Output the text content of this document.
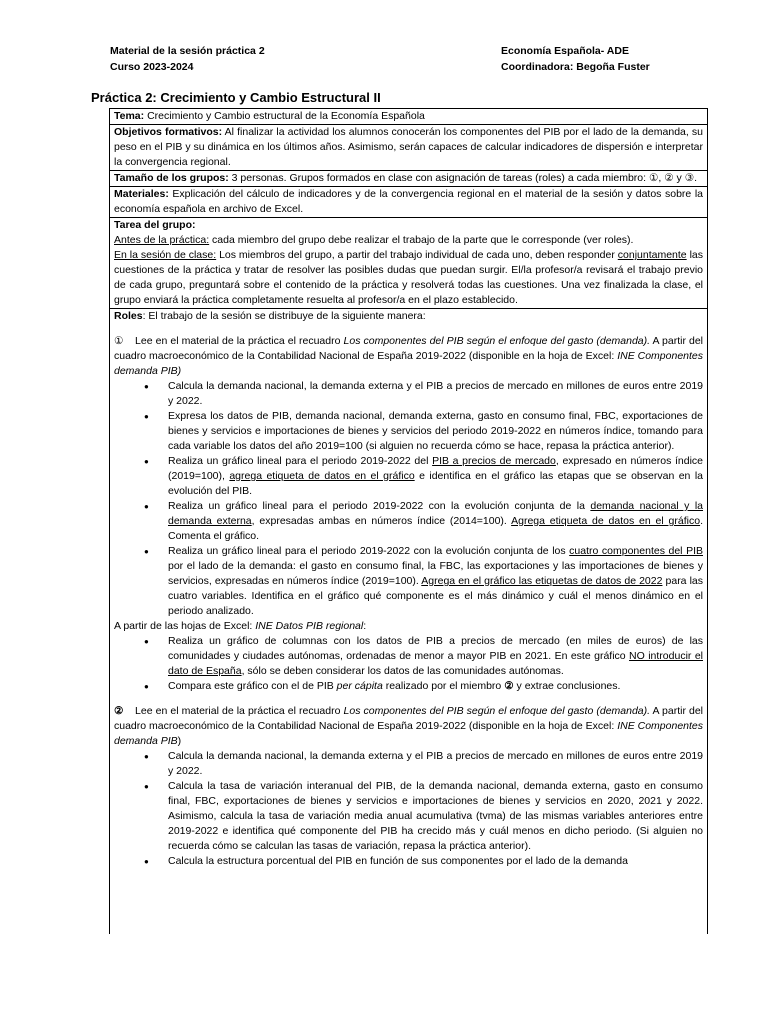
Material de la sesión práctica 2
Curso 2023-2024
Economía Española- ADE
Coordinadora: Begoña Fuster
Práctica 2: Crecimiento y Cambio Estructural II
Tema: Crecimiento y Cambio estructural de la Economía Española
Objetivos formativos: Al finalizar la actividad los alumnos conocerán los componentes del PIB por el lado de la demanda, su peso en el PIB y su dinámica en los últimos años. Asimismo, serán capaces de calcular indicadores de dispersión e interpretar la convergencia regional.
Tamaño de los grupos: 3 personas. Grupos formados en clase con asignación de tareas (roles) a cada miembro: ①, ② y ③.
Materiales: Explicación del cálculo de indicadores y de la convergencia regional en el material de la sesión y datos sobre la economía española en archivo de Excel.

Tarea del grupo:

Antes de la práctica: cada miembro del grupo debe realizar el trabajo de la parte que le corresponde (ver roles).

En la sesión de clase: Los miembros del grupo, a partir del trabajo individual de cada uno, deben responder conjuntamente las cuestiones de la práctica y tratar de resolver las posibles dudas que puedan surgir. El/la profesor/a revisará el trabajo previo de cada grupo, preguntará sobre el contenido de la práctica y resolverá todas las cuestiones. Una vez finalizada la clase, el grupo enviará la práctica completamente resuelta al profesor/a en el plazo establecido.

Roles: El trabajo de la sesión se distribuye de la siguiente manera:

① Lee en el material de la práctica el recuadro Los componentes del PIB según el enfoque del gasto (demanda). A partir del cuadro macroeconómico de la Contabilidad Nacional de España 2019-2022 (disponible en la hoja de Excel: INE Componentes demanda PIB)

● Calcula la demanda nacional, la demanda externa y el PIB a precios de mercado en millones de euros entre 2019 y 2022.
● Expresa los datos de PIB, demanda nacional, demanda externa, gasto en consumo final, FBC, exportaciones de bienes y servicios e importaciones de bienes y servicios del periodo 2019-2022 en números índice, tomando para cada variable los datos del año 2019=100 (si alguien no recuerda cómo se hace, repasa la práctica anterior).
● Realiza un gráfico lineal para el periodo 2019-2022 del PIB a precios de mercado, expresado en números índice (2019=100), agrega etiqueta de datos en el gráfico e identifica en el gráfico las etapas que se observan en la evolución del PIB.
● Realiza un gráfico lineal para el periodo 2019-2022 con la evolución conjunta de la demanda nacional y la demanda externa, expresadas ambas en números índice (2014=100). Agrega etiqueta de datos en el gráfico. Comenta el gráfico.
● Realiza un gráfico lineal para el periodo 2019-2022 con la evolución conjunta de los cuatro componentes del PIB por el lado de la demanda: el gasto en consumo final, la FBC, las exportaciones y las importaciones de bienes y servicios, expresadas en números índice (2019=100). Agrega en el gráfico las etiquetas de datos de 2022 para las cuatro variables. Identifica en el gráfico qué componente es el más dinámico y cuál el menos dinámico en el periodo analizado.

A partir de las hojas de Excel: INE Datos PIB regional:

● Realiza un gráfico de columnas con los datos de PIB a precios de mercado (en miles de euros) de las comunidades y ciudades autónomas, ordenadas de menor a mayor PIB en 2021. En este gráfico NO introducir el dato de España, sólo se deben considerar los datos de las comunidades autónomas.
● Compara este gráfico con el de PIB per cápita realizado por el miembro ② y extrae conclusiones.

② Lee en el material de la práctica el recuadro Los componentes del PIB según el enfoque del gasto (demanda). A partir del cuadro macroeconómico de la Contabilidad Nacional de España 2019-2022 (disponible en la hoja de Excel: INE Componentes demanda PIB)

● Calcula la demanda nacional, la demanda externa y el PIB a precios de mercado en millones de euros entre 2019 y 2022.
● Calcula la tasa de variación interanual del PIB, de la demanda nacional, demanda externa, gasto en consumo final, FBC, exportaciones de bienes y servicios e importaciones de bienes y servicios en 2020, 2021 y 2022. Asimismo, calcula la tasa de variación media anual acumulativa (tvma) de las mismas variables anteriores entre 2019-2022 e identifica qué componente del PIB ha crecido más y cuál menos en dicho periodo. (Si alguien no recuerda cómo se calculan las tasas de variación, repasa la práctica anterior).
● Calcula la estructura porcentual del PIB en función de sus componentes por el lado de la demanda
